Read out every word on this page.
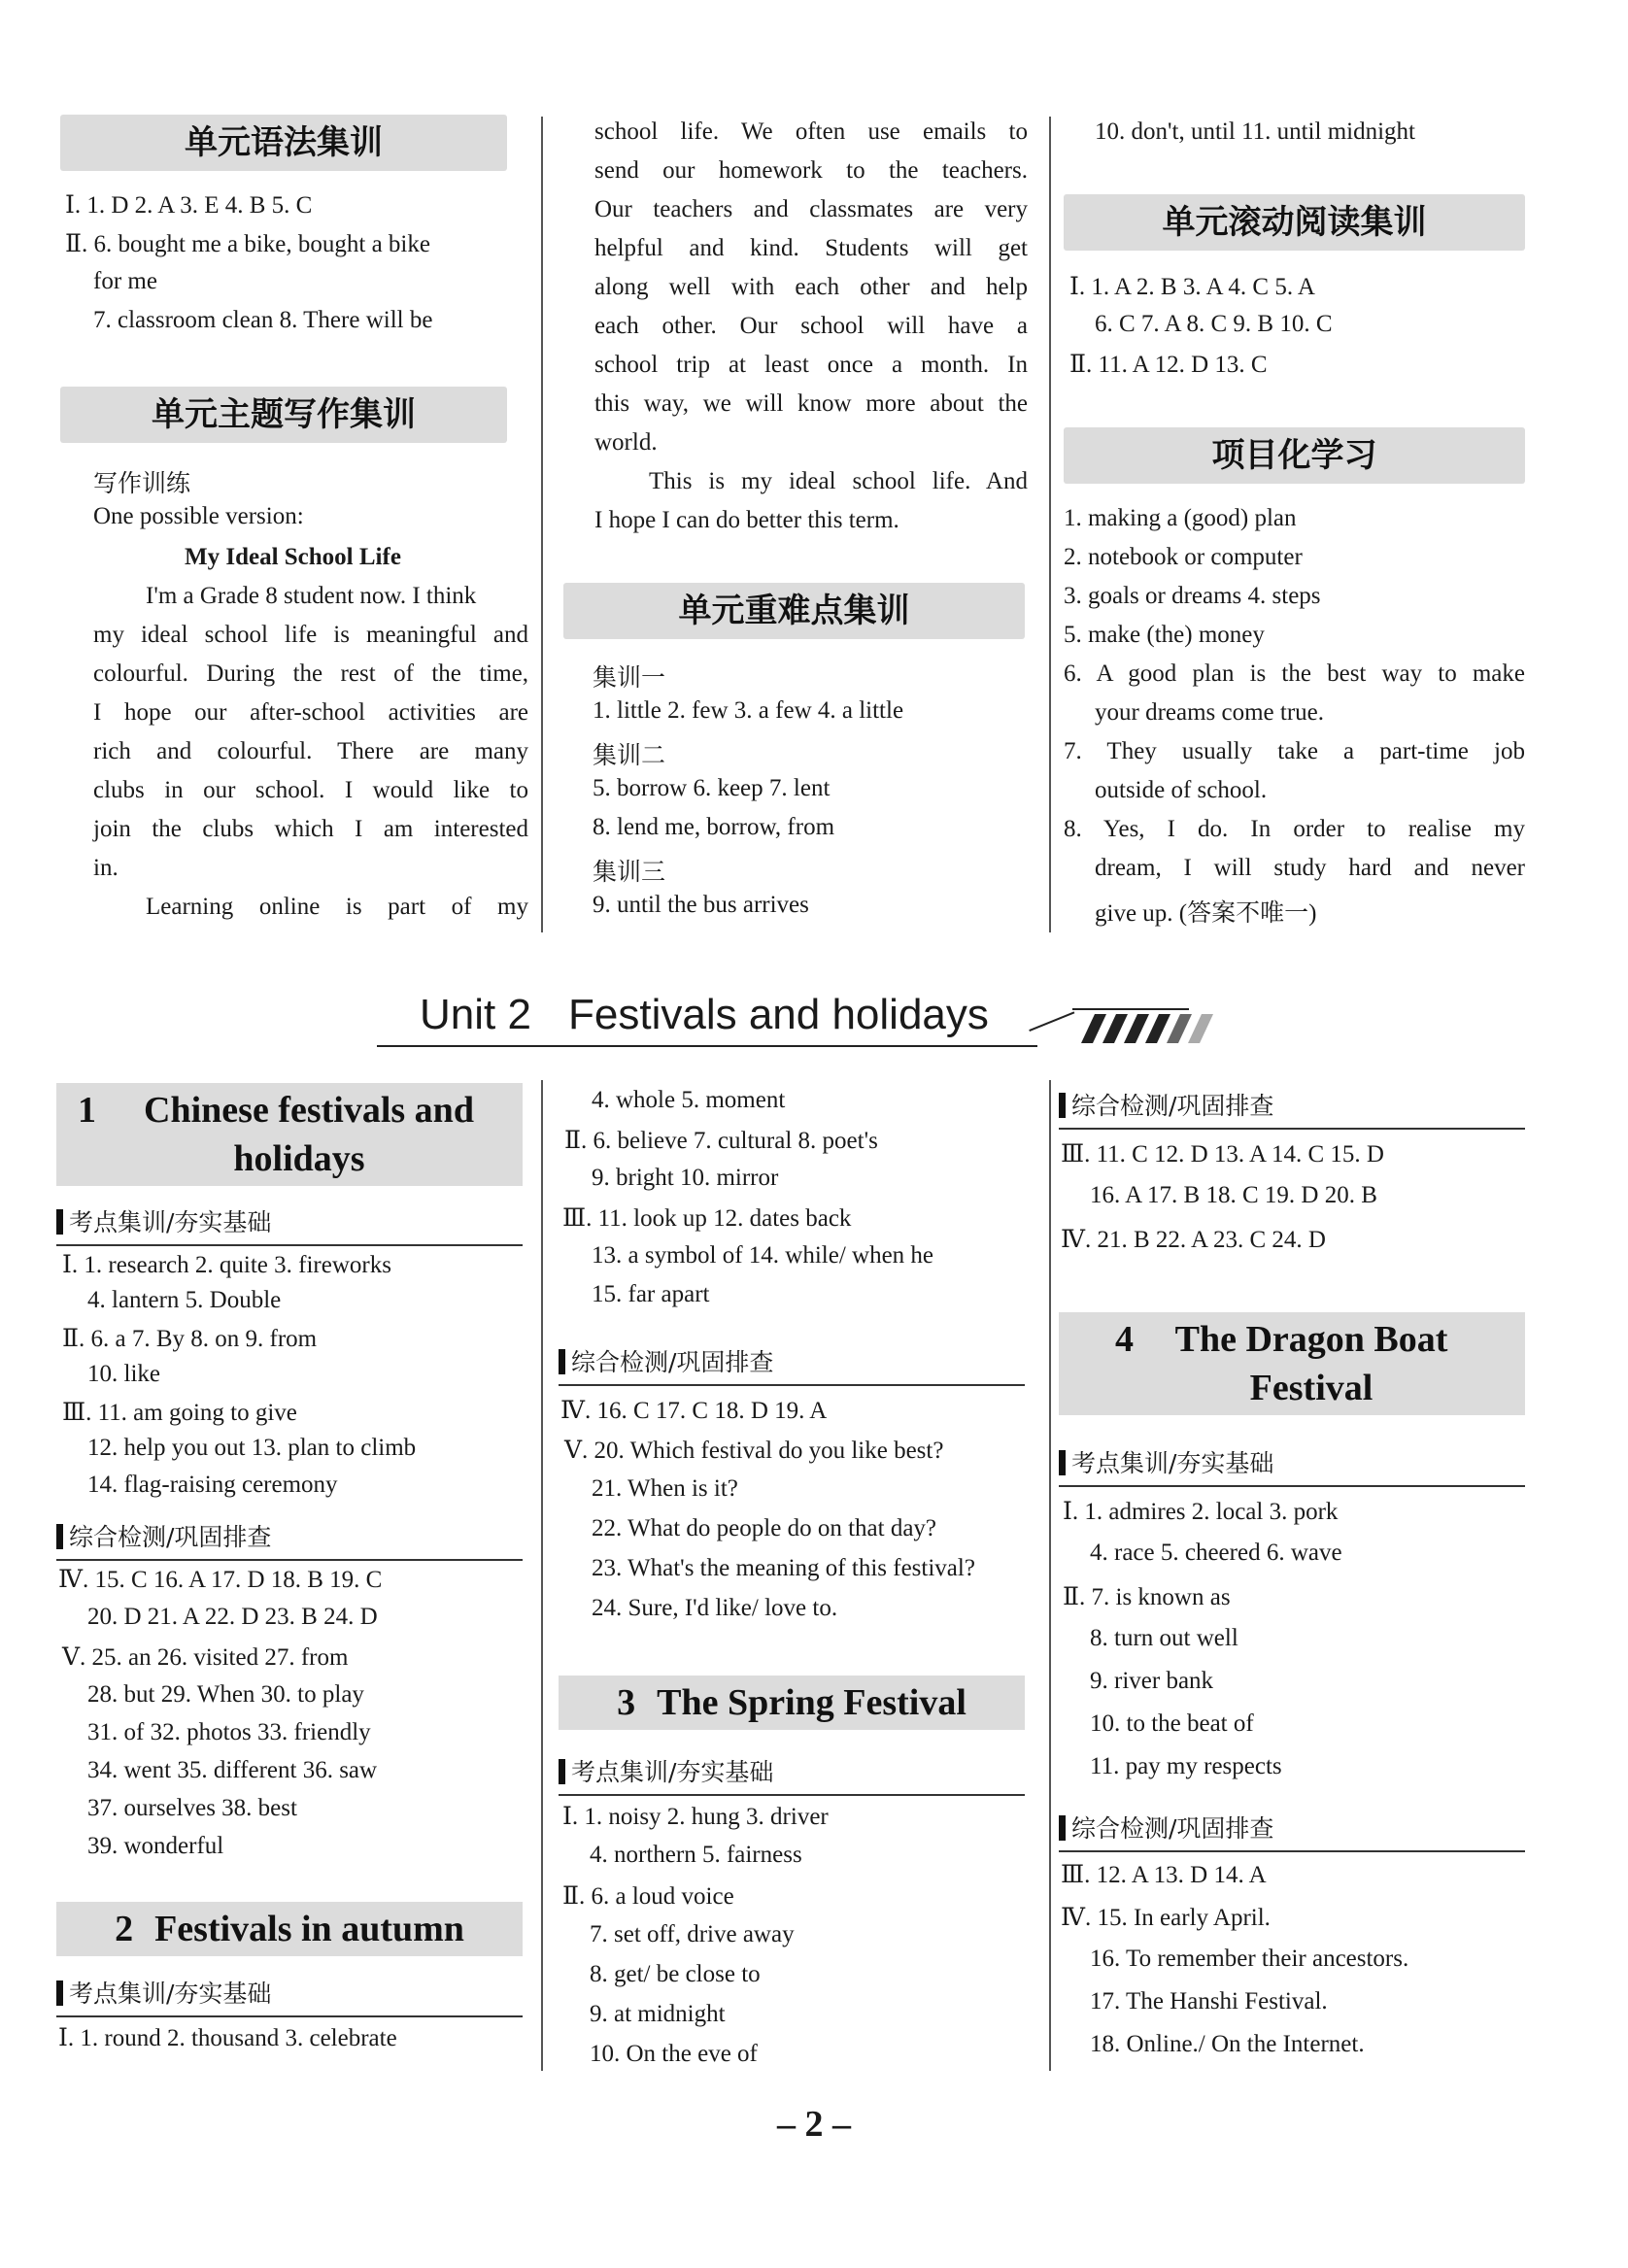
单元语法集训
Ⅰ. 1. D 2. A 3. E 4. B 5. C
Ⅱ. 6. bought me a bike, bought a bike
for me
7. classroom clean 8. There will be
单元主题写作集训
写作训练
One possible version:
My Ideal School Life
I'm a Grade 8 student now. I think
my ideal school life is meaningful and
colourful. During the rest of the time,
I hope our after-school activities are
rich and colourful. There are many
clubs in our school. I would like to
join the clubs which I am interested
in.
Learning online is part of my
school life. We often use emails to
send our homework to the teachers.
Our teachers and classmates are very
helpful and kind. Students will get
along well with each other and help
each other. Our school will have a
school trip at least once a month. In
this way, we will know more about the
world.
This is my ideal school life. And
I hope I can do better this term.
单元重难点集训
集训一
1. little 2. few 3. a few 4. a little
集训二
5. borrow 6. keep 7. lent
8. lend me, borrow, from
集训三
9. until the bus arrives
10. don't, until 11. until midnight
单元滚动阅读集训
Ⅰ. 1. A 2. B 3. A 4. C 5. A
6. C 7. A 8. C 9. B 10. C
Ⅱ. 11. A 12. D 13. C
项目化学习
1. making a (good) plan
2. notebook or computer
3. goals or dreams 4. steps
5. make (the) money
6. A good plan is the best way to make
your dreams come true.
7. They usually take a part-time job
outside of school.
8. Yes, I do. In order to realise my
dream, I will study hard and never
give up. (答案不唯一)
Unit 2 Festivals and holidays
1	Chinese festivals and
holidays
考点集训/夯实基础
Ⅰ. 1. research 2. quite 3. fireworks
4. lantern 5. Double
Ⅱ. 6. a 7. By 8. on 9. from
10. like
Ⅲ. 11. am going to give
12. help you out 13. plan to climb
14. flag-raising ceremony
综合检测/巩固排查
Ⅳ. 15. C 16. A 17. D 18. B 19. C
20. D 21. A 22. D 23. B 24. D
Ⅴ. 25. an 26. visited 27. from
28. but 29. When 30. to play
31. of 32. photos 33. friendly
34. went 35. different 36. saw
37. ourselves 38. best
39. wonderful
2 Festivals in autumn
考点集训/夯实基础
Ⅰ. 1. round 2. thousand 3. celebrate
4. whole 5. moment
Ⅱ. 6. believe 7. cultural 8. poet's
9. bright 10. mirror
Ⅲ. 11. look up 12. dates back
13. a symbol of 14. while/ when he
15. far apart
综合检测/巩固排查
Ⅳ. 16. C 17. C 18. D 19. A
Ⅴ. 20. Which festival do you like best?
21. When is it?
22. What do people do on that day?
23. What's the meaning of this festival?
24. Sure, I'd like/ love to.
3 The Spring Festival
考点集训/夯实基础
Ⅰ. 1. noisy 2. hung 3. driver
4. northern 5. fairness
Ⅱ. 6. a loud voice
7. set off, drive away
8. get/ be close to
9. at midnight
10. On the eve of
综合检测/巩固排查
Ⅲ. 11. C 12. D 13. A 14. C 15. D
16. A 17. B 18. C 19. D 20. B
Ⅳ. 21. B 22. A 23. C 24. D
4	The Dragon Boat
Festival
考点集训/夯实基础
Ⅰ. 1. admires 2. local 3. pork
4. race 5. cheered 6. wave
Ⅱ. 7. is known as
8. turn out well
9. river bank
10. to the beat of
11. pay my respects
综合检测/巩固排查
Ⅲ. 12. A 13. D 14. A
Ⅳ. 15. In early April.
16. To remember their ancestors.
17. The Hanshi Festival.
18. Online./ On the Internet.
– 2 –
